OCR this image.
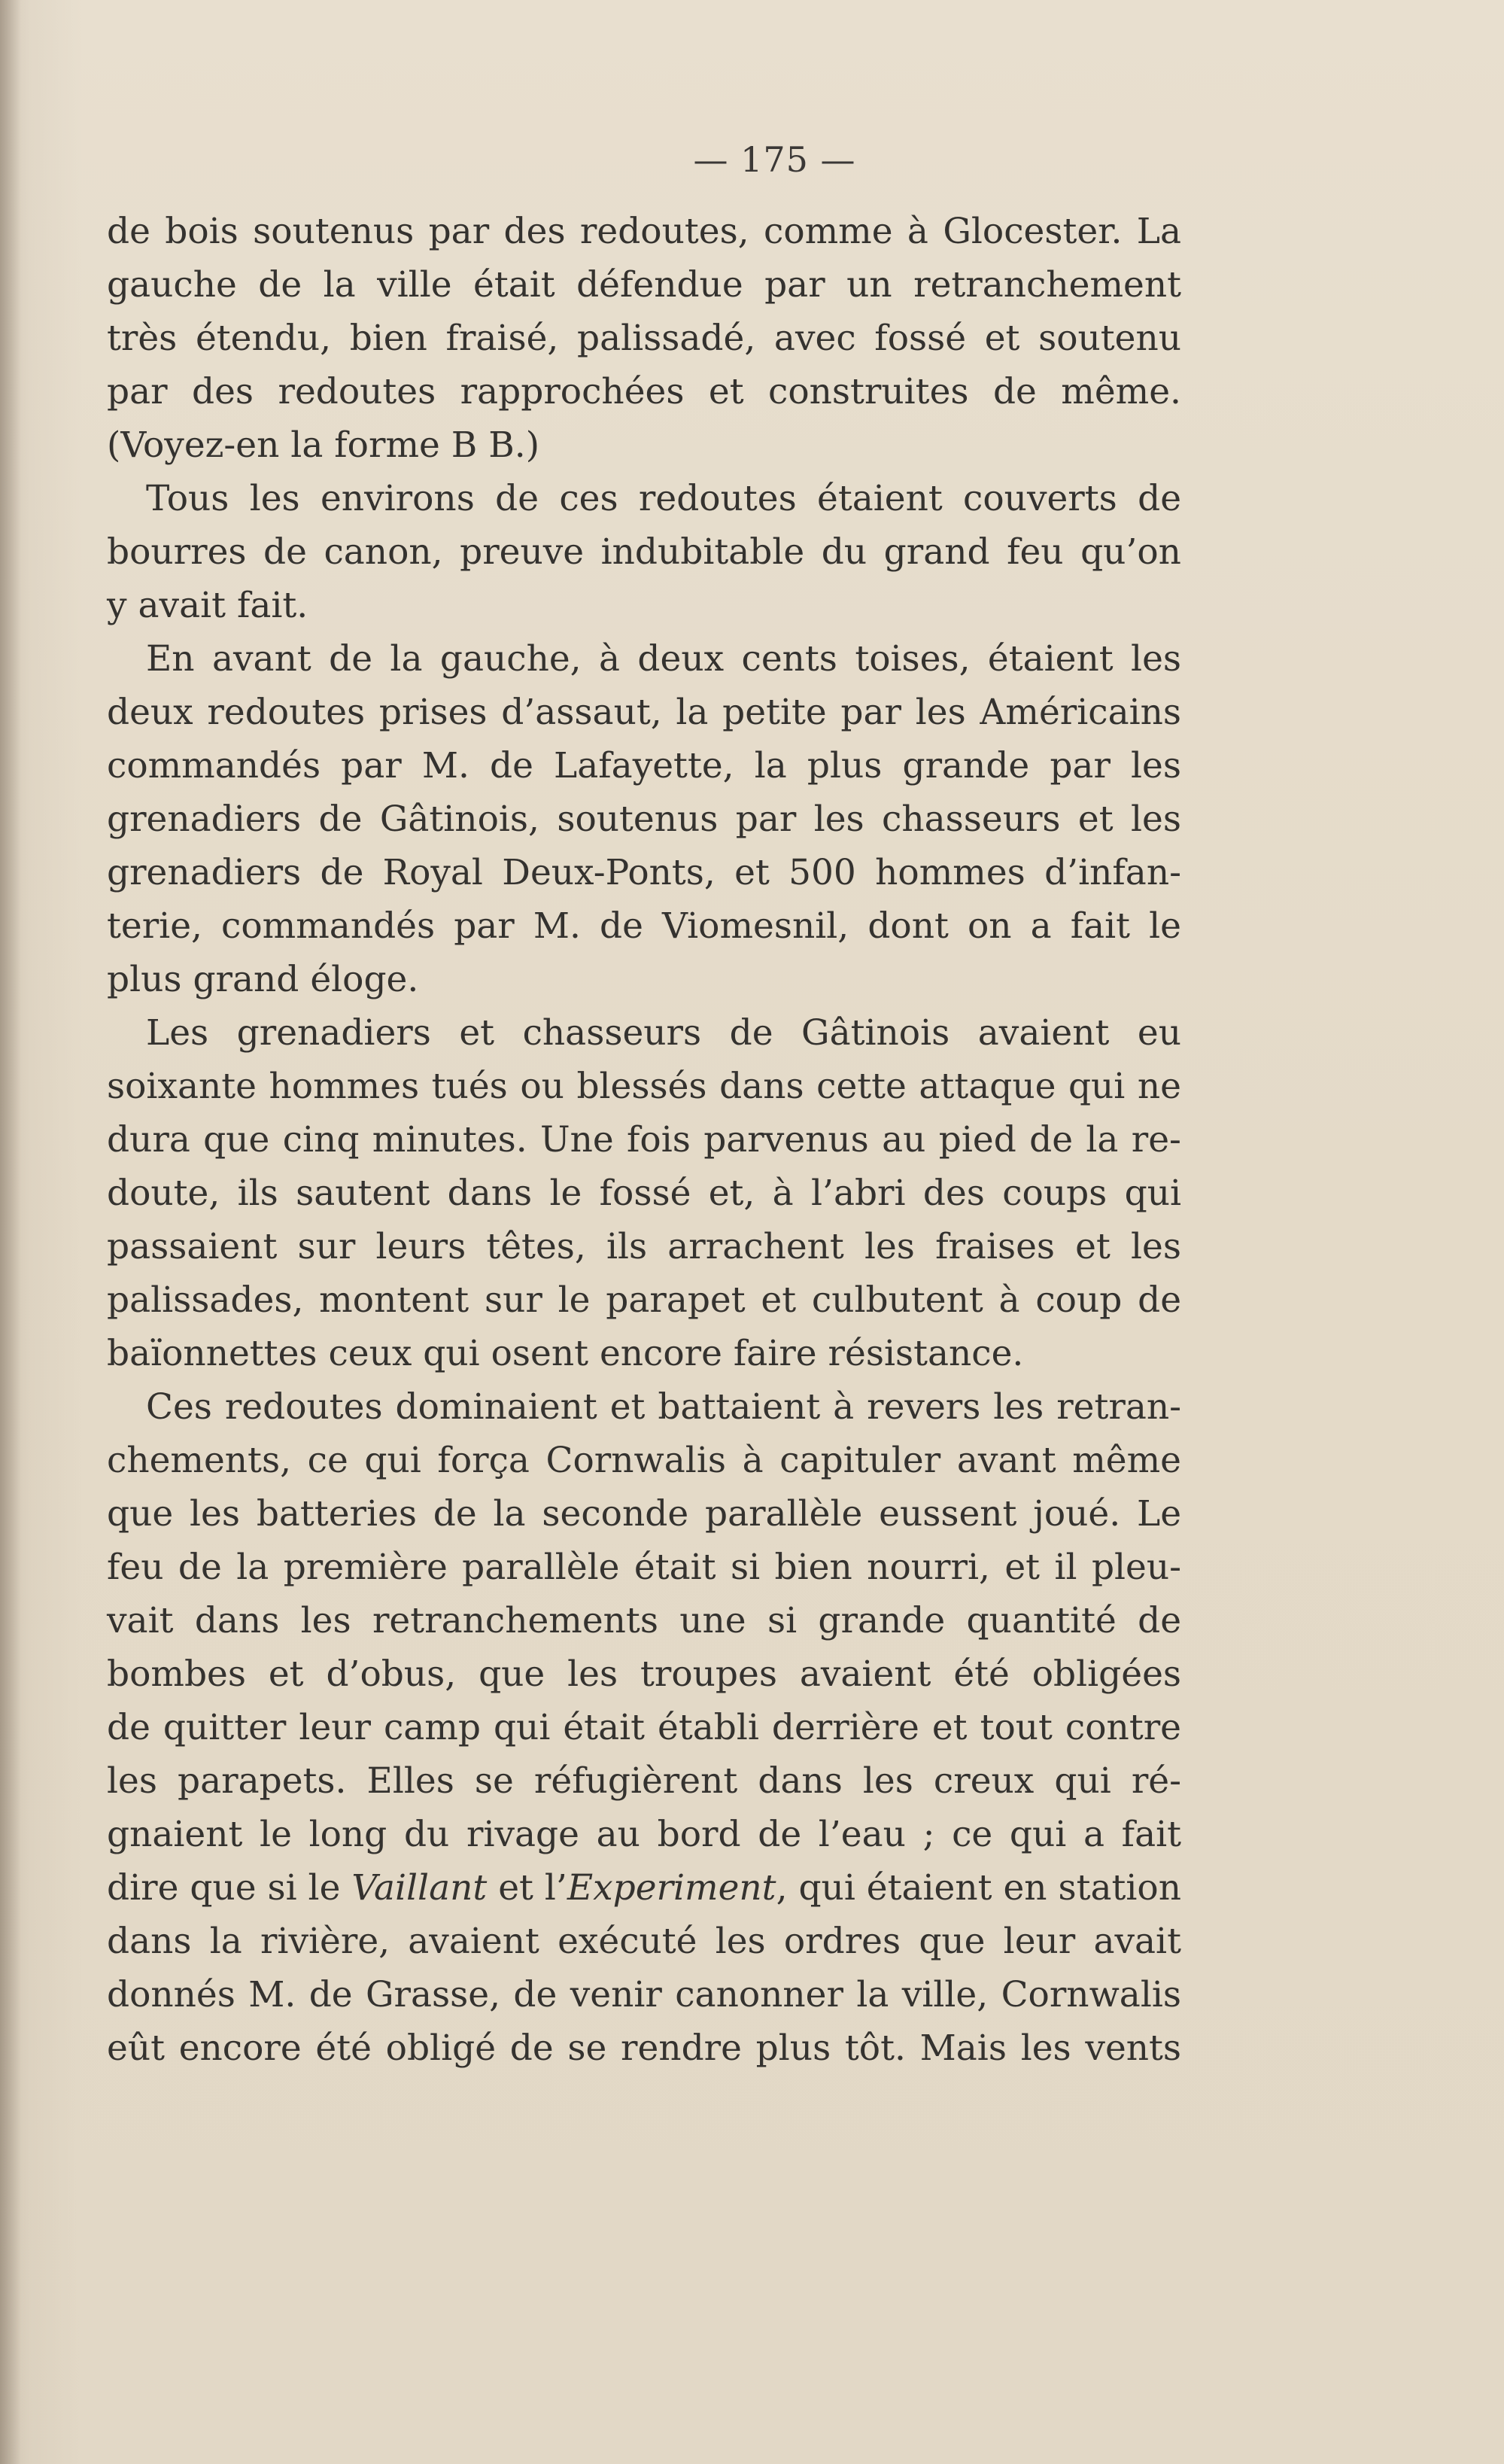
— 175 —
de bois soutenus par des redoutes, comme à Glocester. La
gauche de la ville était défendue par un retranchement
très étendu, bien fraisé, palissadé, avec fossé et soutenu
par des redoutes rapprochées et construites de même.
(Voyez-en la forme B B.)
Tous les environs de ces redoutes étaient couverts de
bourres de canon, preuve indubitable du grand feu qu’on
y avait fait.
En avant de la gauche, à deux cents toises, étaient les
deux redoutes prises d’assaut, la petite par les Américains
commandés par M. de Lafayette, la plus grande par les
grenadiers de Gâtinois, soutenus par les chasseurs et les
grenadiers de Royal Deux-Ponts, et 500 hommes d’infan-
terie, commandés par M. de Viomesnil, dont on a fait le
plus grand éloge.
Les grenadiers et chasseurs de Gâtinois avaient eu
soixante hommes tués ou blessés dans cette attaque qui ne
dura que cinq minutes. Une fois parvenus au pied de la re-
doute, ils sautent dans le fossé et, à l’abri des coups qui
passaient sur leurs têtes, ils arrachent les fraises et les
palissades, montent sur le parapet et culbutent à coup de
baïonnettes ceux qui osent encore faire résistance.
Ces redoutes dominaient et battaient à revers les retran-
chements, ce qui força Cornwalis à capituler avant même
que les batteries de la seconde parallèle eussent joué. Le
feu de la première parallèle était si bien nourri, et il pleu-
vait dans les retranchements une si grande quantité de
bombes et d’obus, que les troupes avaient été obligées
de quitter leur camp qui était établi derrière et tout contre
les parapets. Elles se réfugièrent dans les creux qui ré-
gnaient le long du rivage au bord de l’eau ; ce qui a fait
dire que si le Vaillant et l’Experiment, qui étaient en station
dans la rivière, avaient exécuté les ordres que leur avait
donnés M. de Grasse, de venir canonner la ville, Cornwalis
eût encore été obligé de se rendre plus tôt. Mais les vents
